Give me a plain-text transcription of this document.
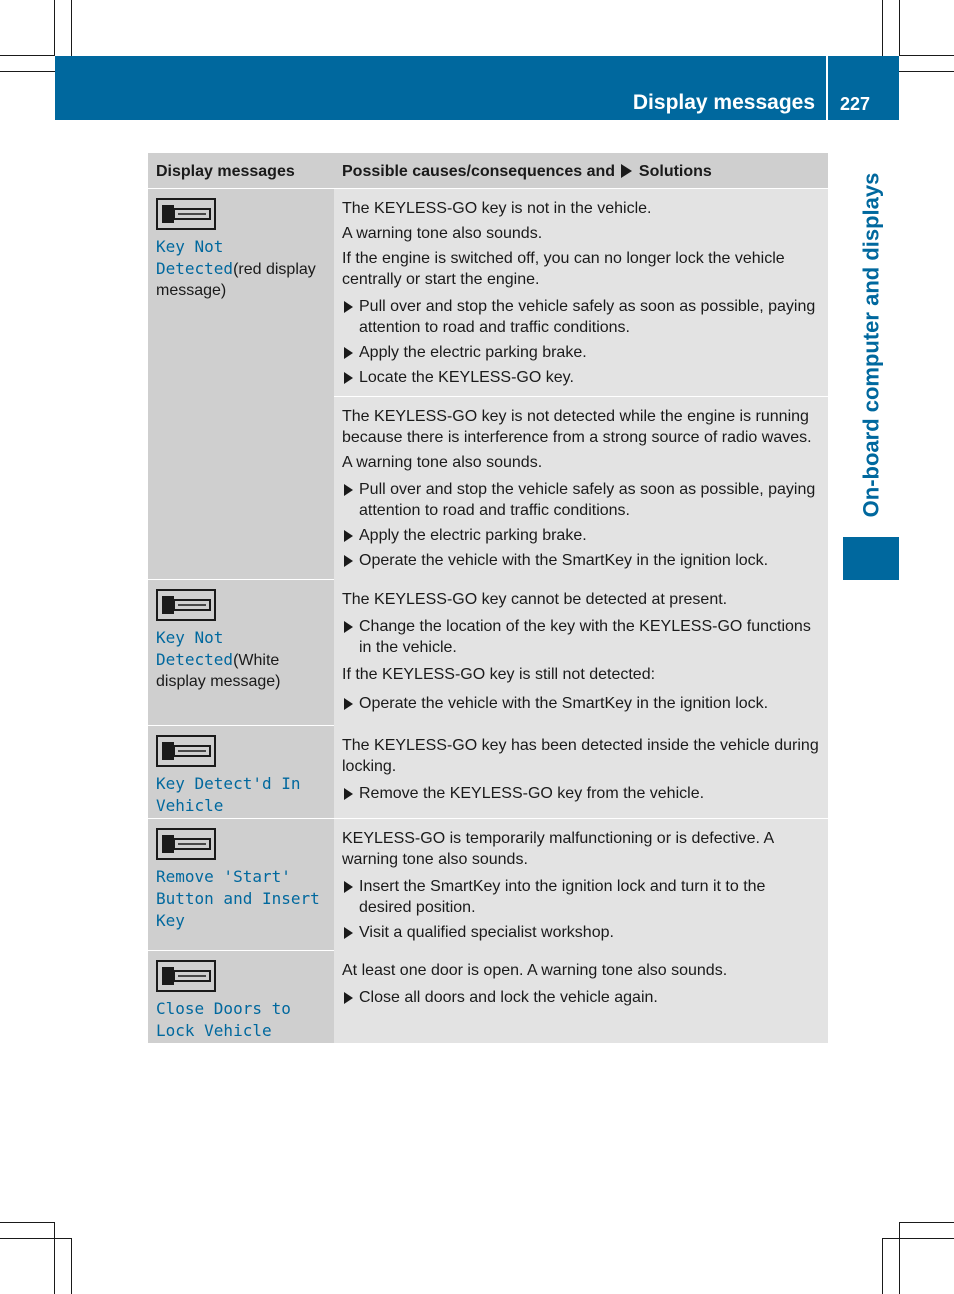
Display messages 227
On-board computer and displays
Display messages	Possible causes/consequences and Solutions
Key Not Detected(red display message)

The KEYLESS-GO key is not in the vehicle.

A warning tone also sounds.

If the engine is switched off, you can no longer lock the vehicle centrally or start the engine.

Pull over and stop the vehicle safely as soon as possible, paying attention to road and traffic conditions.
Apply the electric parking brake.
Locate the KEYLESS-GO key.

The KEYLESS-GO key is not detected while the engine is running because there is interference from a strong source of radio waves.

A warning tone also sounds.

Pull over and stop the vehicle safely as soon as possible, paying attention to road and traffic conditions.
Apply the electric parking brake.
Operate the vehicle with the SmartKey in the ignition lock.
Key Not Detected(White display message)

The KEYLESS-GO key cannot be detected at present.

Change the location of the key with the KEYLESS-GO functions in the vehicle.

If the KEYLESS-GO key is still not detected:

Operate the vehicle with the SmartKey in the ignition lock.
Key Detect'd In Vehicle

The KEYLESS-GO key has been detected inside the vehicle during locking.

Remove the KEYLESS-GO key from the vehicle.
Remove 'Start' Button and Insert Key

KEYLESS-GO is temporarily malfunctioning or is defective. A warning tone also sounds.

Insert the SmartKey into the ignition lock and turn it to the desired position.
Visit a qualified specialist workshop.
Close Doors to Lock Vehicle

At least one door is open. A warning tone also sounds.

Close all doors and lock the vehicle again.
